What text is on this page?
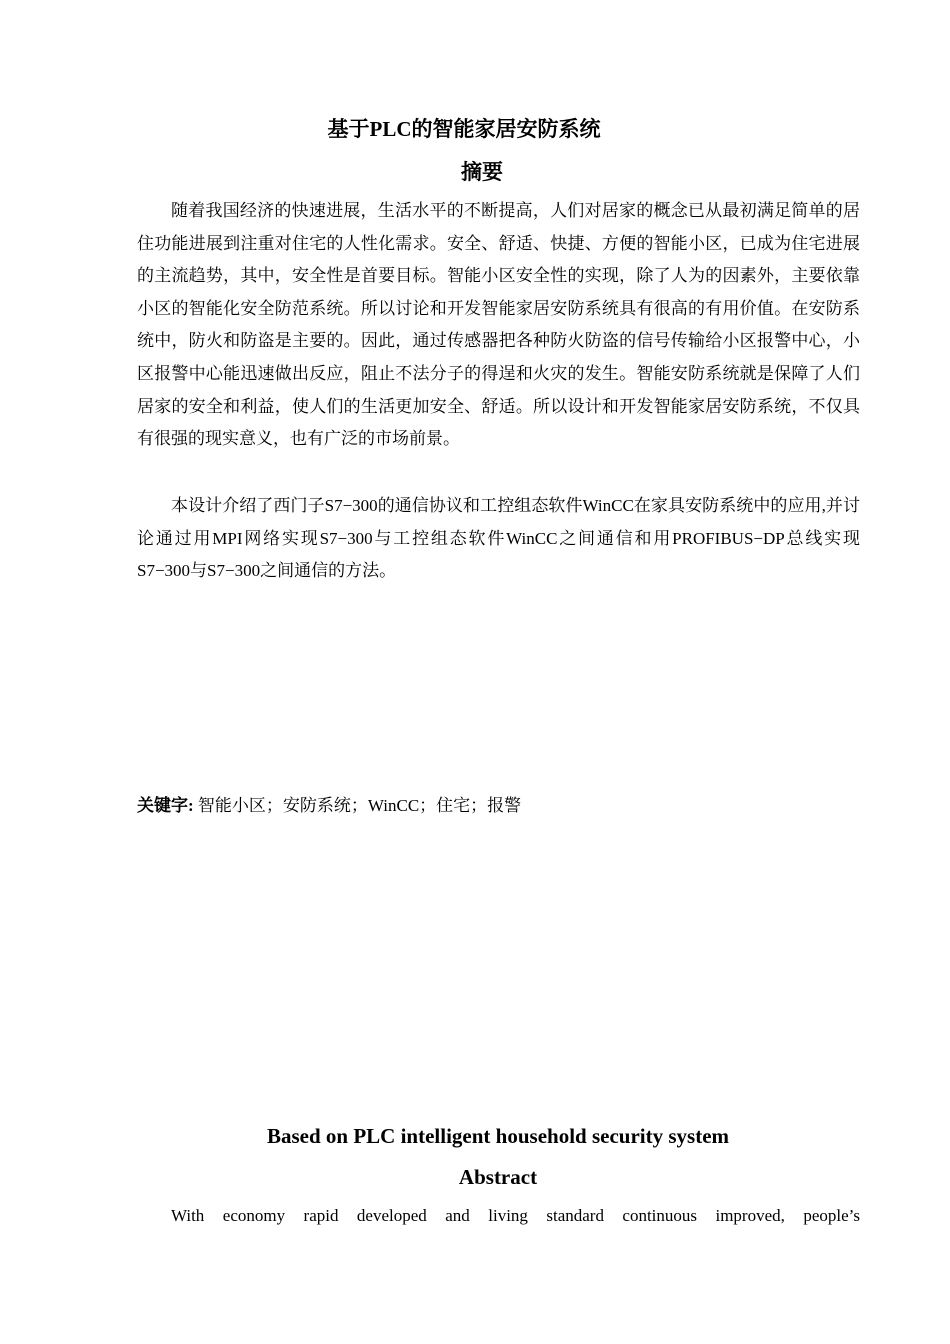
基于PLC的智能家居安防系统
摘要

随着我国经济的快速进展，生活水平的不断提高，人们对居家的概念已从最初满足简单的居住功能进展到注重对住宅的人性化需求。安全、舒适、快捷、方便的智能小区，已成为住宅进展的主流趋势，其中，安全性是首要目标。智能小区安全性的实现，除了人为的因素外，主要依靠小区的智能化安全防范系统。所以讨论和开发智能家居安防系统具有很高的有用价值。在安防系统中，防火和防盗是主要的。因此，通过传感器把各种防火防盗的信号传输给小区报警中心，小区报警中心能迅速做出反应，阻止不法分子的得逞和火灾的发生。智能安防系统就是保障了人们居家的安全和利益，使人们的生活更加安全、舒适。所以设计和开发智能家居安防系统，不仅具有很强的现实意义，也有广泛的市场前景。

本设计介绍了西门子S7−300的通信协议和工控组态软件WinCC在家具安防系统中的应用,并讨论通过用MPI网络实现S7−300与工控组态软件WinCC之间通信和用PROFIBUS−DP总线实现S7−300与S7−300之间通信的方法。

关键字: 智能小区；安防系统；WinCC；住宅；报警
Based on PLC intelligent household security system
Abstract

With economy rapid developed and living standard continuous improved, people’s
